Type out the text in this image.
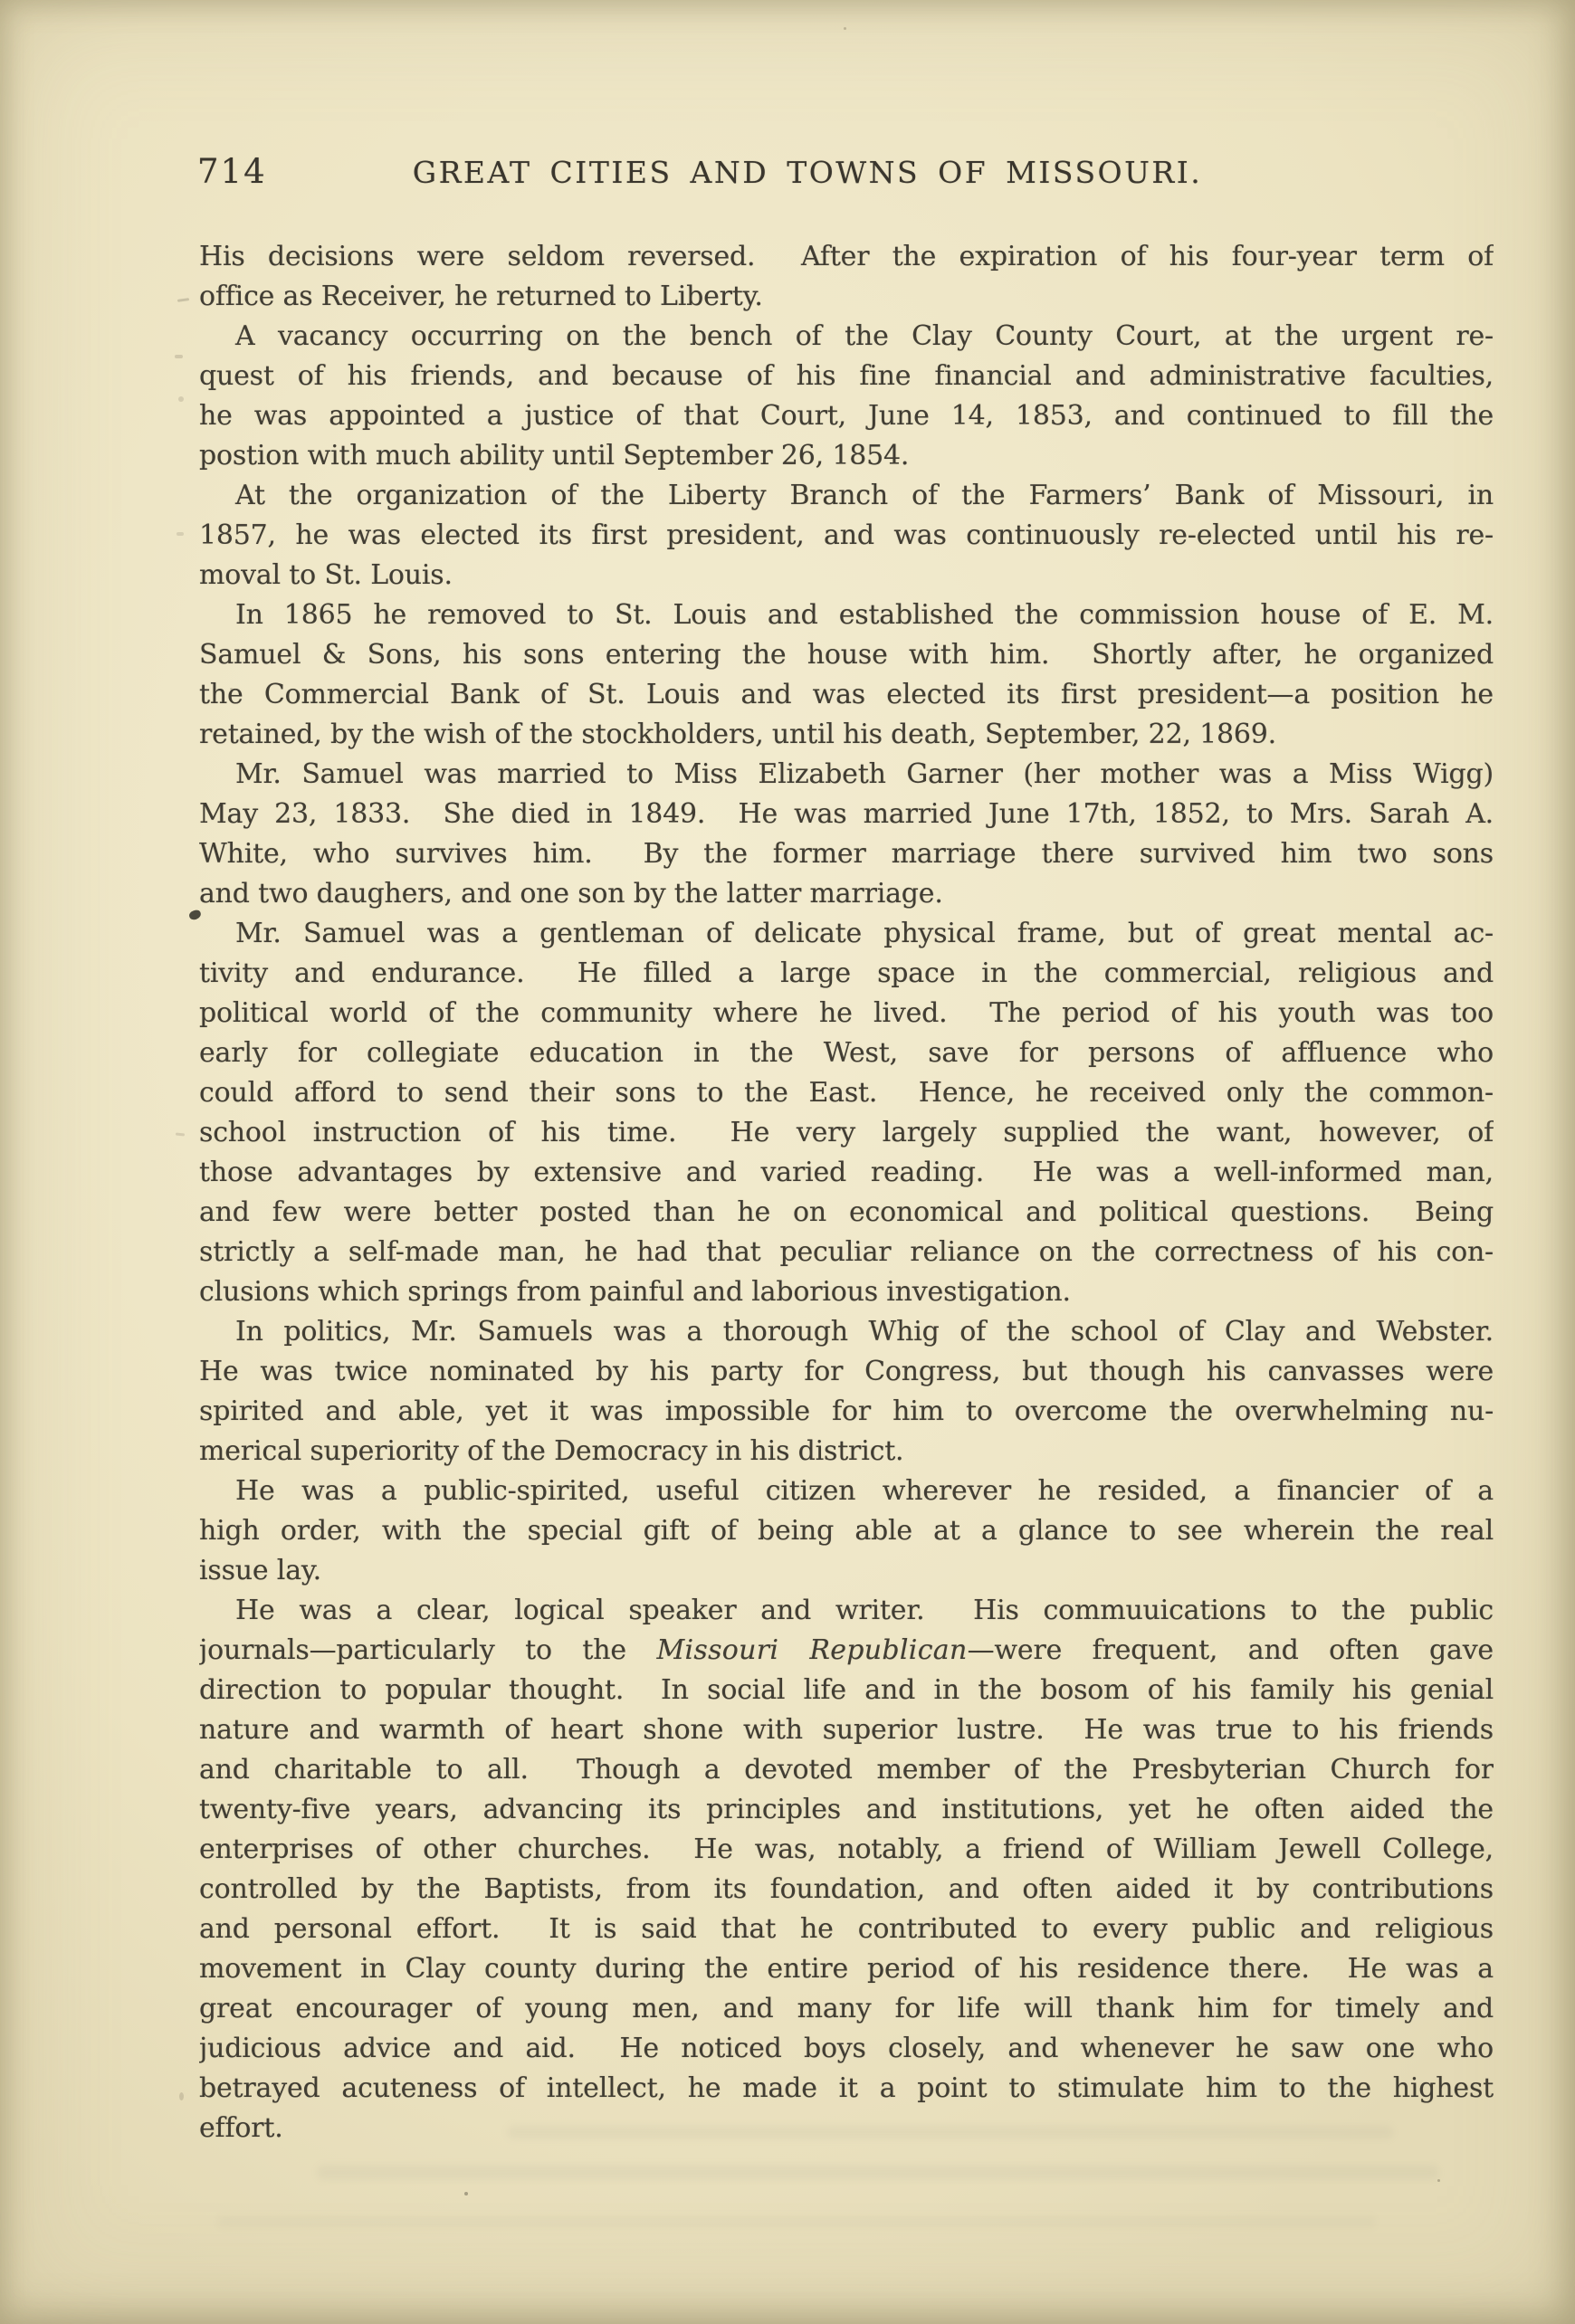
714	GREAT CITIES AND TOWNS OF MISSOURI.
His decisions were seldom reversed.  After the expiration of his four-year term of
office as Receiver, he returned to Liberty.
A vacancy occurring on the bench of the Clay County Court, at the urgent re-
quest of his friends, and because of his fine financial and administrative faculties,
he was appointed a justice of that Court, June 14, 1853, and continued to fill the
postion with much ability until September 26, 1854.
At the organization of the Liberty Branch of the Farmers’ Bank of Missouri, in
1857, he was elected its first president, and was continuously re-elected until his re-
moval to St. Louis.
In 1865 he removed to St. Louis and established the commission house of E. M.
Samuel & Sons, his sons entering the house with him.  Shortly after, he organized
the Commercial Bank of St. Louis and was elected its first president—a position he
retained, by the wish of the stockholders, until his death, September, 22, 1869.
Mr. Samuel was married to Miss Elizabeth Garner (her mother was a Miss Wigg)
May 23, 1833.  She died in 1849.  He was married June 17th, 1852, to Mrs. Sarah A.
White, who survives him.  By the former marriage there survived him two sons
and two daughers, and one son by the latter marriage.
Mr. Samuel was a gentleman of delicate physical frame, but of great mental ac-
tivity and endurance.  He filled a large space in the commercial, religious and
political world of the community where he lived.  The period of his youth was too
early for collegiate education in the West, save for persons of affluence who
could afford to send their sons to the East.  Hence, he received only the common-
school instruction of his time.  He very largely supplied the want, however, of
those advantages by extensive and varied reading.  He was a well-informed man,
and few were better posted than he on economical and political questions.  Being
strictly a self-made man, he had that peculiar reliance on the correctness of his con-
clusions which springs from painful and laborious investigation.
In politics, Mr. Samuels was a thorough Whig of the school of Clay and Webster.
He was twice nominated by his party for Congress, but though his canvasses were
spirited and able, yet it was impossible for him to overcome the overwhelming nu-
merical superiority of the Democracy in his district.
He was a public-spirited, useful citizen wherever he resided, a financier of a
high order, with the special gift of being able at a glance to see wherein the real
issue lay.
He was a clear, logical speaker and writer.  His commuuications to the public
journals—particularly to the Missouri Republican—were frequent, and often gave
direction to popular thought.  In social life and in the bosom of his family his genial
nature and warmth of heart shone with superior lustre.  He was true to his friends
and charitable to all.  Though a devoted member of the Presbyterian Church for
twenty-five years, advancing its principles and institutions, yet he often aided the
enterprises of other churches.  He was, notably, a friend of William Jewell College,
controlled by the Baptists, from its foundation, and often aided it by contributions
and personal effort.  It is said that he contributed to every public and religious
movement in Clay county during the entire period of his residence there.  He was a
great encourager of young men, and many for life will thank him for timely and
judicious advice and aid.  He noticed boys closely, and whenever he saw one who
betrayed acuteness of intellect, he made it a point to stimulate him to the highest
effort.
